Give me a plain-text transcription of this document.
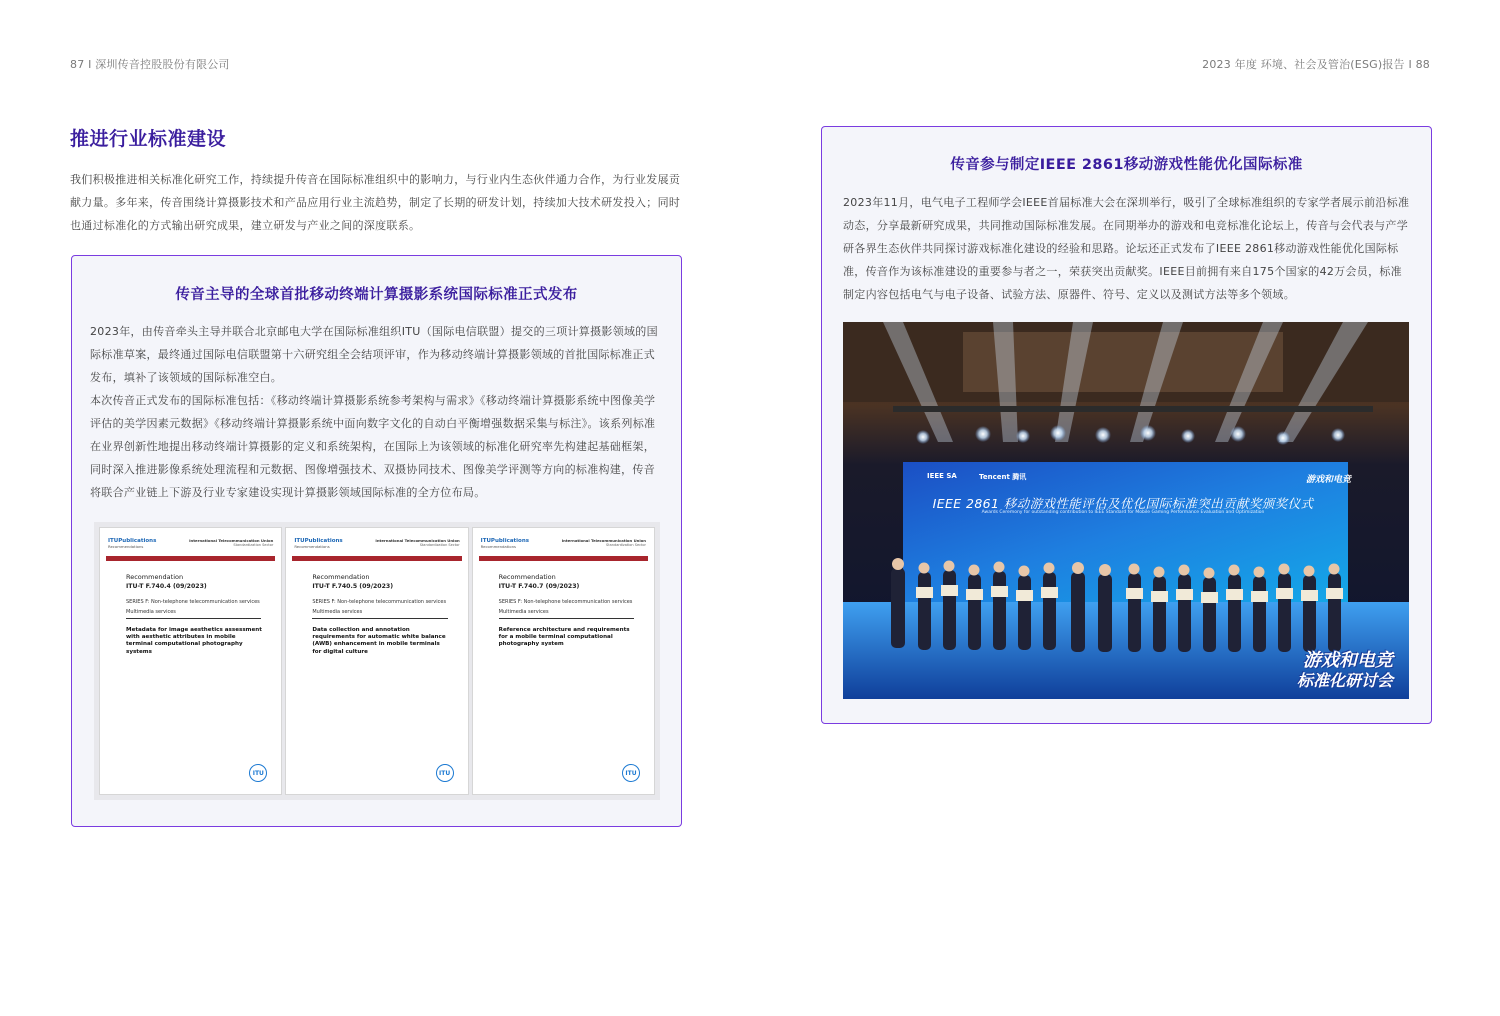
87 I 深圳传音控股股份有限公司	2023 年度 环境、社会及管治(ESG)报告 I 88
推进行业标准建设

我们积极推进相关标准化研究工作，持续提升传音在国际标准组织中的影响力，与行业内生态伙伴通力合作，为行业发展贡献力量。多年来，传音围绕计算摄影技术和产品应用行业主流趋势，制定了长期的研发计划，持续加大技术研发投入；同时也通过标准化的方式输出研究成果，建立研发与产业之间的深度联系。

传音主导的全球首批移动终端计算摄影系统国际标准正式发布

2023年，由传音牵头主导并联合北京邮电大学在国际标准组织ITU（国际电信联盟）提交的三项计算摄影领域的国际标准草案，最终通过国际电信联盟第十六研究组全会结项评审，作为移动终端计算摄影领域的首批国际标准正式发布，填补了该领域的国际标准空白。

本次传音正式发布的国际标准包括：《移动终端计算摄影系统参考架构与需求》《移动终端计算摄影系统中图像美学评估的美学因素元数据》《移动终端计算摄影系统中面向数字文化的自动白平衡增强数据采集与标注》。该系列标准在业界创新性地提出移动终端计算摄影的定义和系统架构，在国际上为该领域的标准化研究率先构建起基础框架，同时深入推进影像系统处理流程和元数据、图像增强技术、双摄协同技术、图像美学评测等方向的标准构建，传音将联合产业链上下游及行业专家建设实现计算摄影领域国际标准的全方位布局。

ITUPublications
Recommendations
International Telecommunication Union
Standardization Sector
Recommendation
ITU-T F.740.4 (09/2023)
SERIES F: Non-telephone telecommunication services
Multimedia services
Metadata for image aesthetics assessment with aesthetic attributes in mobile terminal computational photography systems
ITU
ITUPublications
Recommendations
International Telecommunication Union
Standardization Sector
Recommendation
ITU-T F.740.5 (09/2023)
SERIES F: Non-telephone telecommunication services
Multimedia services
Data collection and annotation requirements for automatic white balance (AWB) enhancement in mobile terminals for digital culture
ITU
ITUPublications
Recommendations
International Telecommunication Union
Standardization Sector
Recommendation
ITU-T F.740.7 (09/2023)
SERIES F: Non-telephone telecommunication services
Multimedia services
Reference architecture and requirements for a mobile terminal computational photography system
ITU
传音参与制定IEEE 2861移动游戏性能优化国际标准

2023年11月，电气电子工程师学会IEEE首届标准大会在深圳举行，吸引了全球标准组织的专家学者展示前沿标准动态，分享最新研究成果，共同推动国际标准发展。在同期举办的游戏和电竞标准化论坛上，传音与会代表与产学研各界生态伙伴共同探讨游戏标准化建设的经验和思路。论坛还正式发布了IEEE 2861移动游戏性能优化国际标准，传音作为该标准建设的重要参与者之一，荣获突出贡献奖。IEEE目前拥有来自175个国家的42万会员，标准制定内容包括电气与电子设备、试验方法、原器件、符号、定义以及测试方法等多个领域。

IEEE SA	Tencent 腾讯	游戏和电竞
IEEE 2861 移动游戏性能评估及优化国际标准突出贡献奖颁奖仪式
Awards Ceremony for outstanding contribution to IEEE Standard for Mobile Gaming Performance Evaluation and Optimization
游戏和电竞
标准化研讨会
